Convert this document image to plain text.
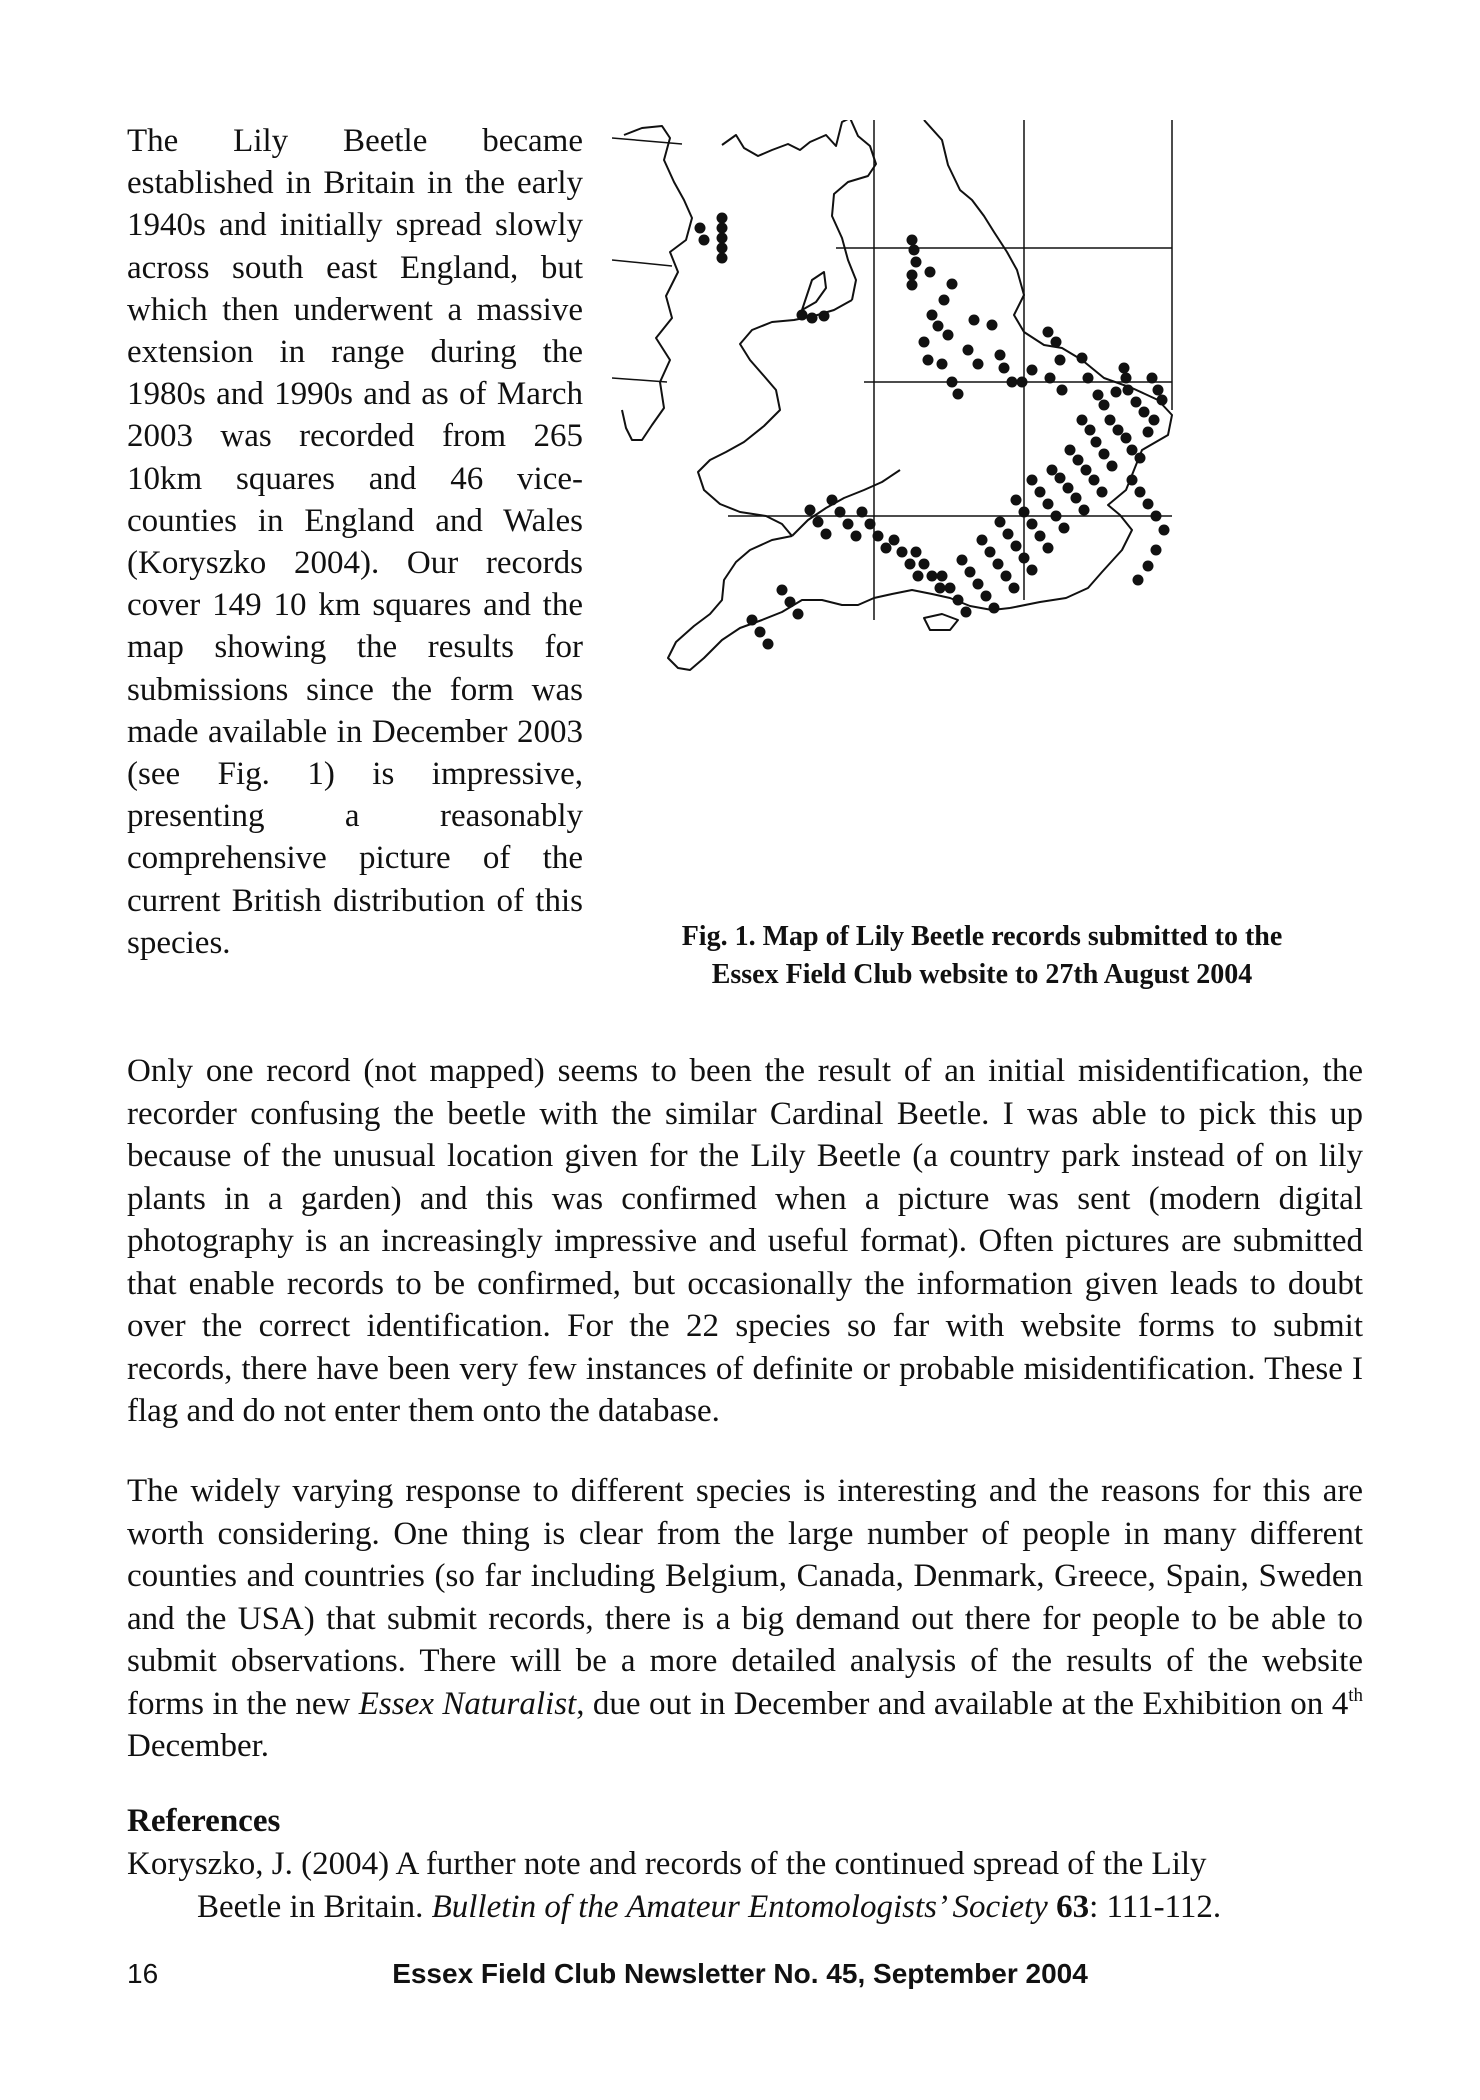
The Lily Beetle became established in Britain in the early 1940s and initially spread slowly across south east England, but which then underwent a massive extension in range during the 1980s and 1990s and as of March 2003 was recorded from 265 10km squares and 46 vice-counties in England and Wales (Koryszko 2004). Our records cover 149 10 km squares and the map showing the results for submissions since the form was made available in December 2003 (see Fig. 1) is impressive, presenting a reasonably comprehensive picture of the current British distribution of this species.	Fig. 1. Map of Lily Beetle records submitted to the
Essex Field Club website to 27th August 2004
Only one record (not mapped) seems to been the result of an initial misidentification, the recorder confusing the beetle with the similar Cardinal Beetle. I was able to pick this up because of the unusual location given for the Lily Beetle (a country park instead of on lily plants in a garden) and this was confirmed when a picture was sent (modern digital photography is an increasingly impressive and useful format). Often pictures are submitted that enable records to be confirmed, but occasionally the information given leads to doubt over the correct identification. For the 22 species so far with website forms to submit records, there have been very few instances of definite or probable misidentification. These I flag and do not enter them onto the database.
The widely varying response to different species is interesting and the reasons for this are worth considering. One thing is clear from the large number of people in many different counties and countries (so far including Belgium, Canada, Denmark, Greece, Spain, Sweden and the USA) that submit records, there is a big demand out there for people to be able to submit observations. There will be a more detailed analysis of the results of the website forms in the new Essex Naturalist, due out in December and available at the Exhibition on 4th December.
References
Koryszko, J. (2004) A further note and records of the continued spread of the Lily
Beetle in Britain. Bulletin of the Amateur Entomologists’ Society 63: 111-112.
16	Essex Field Club Newsletter No. 45, September 2004
